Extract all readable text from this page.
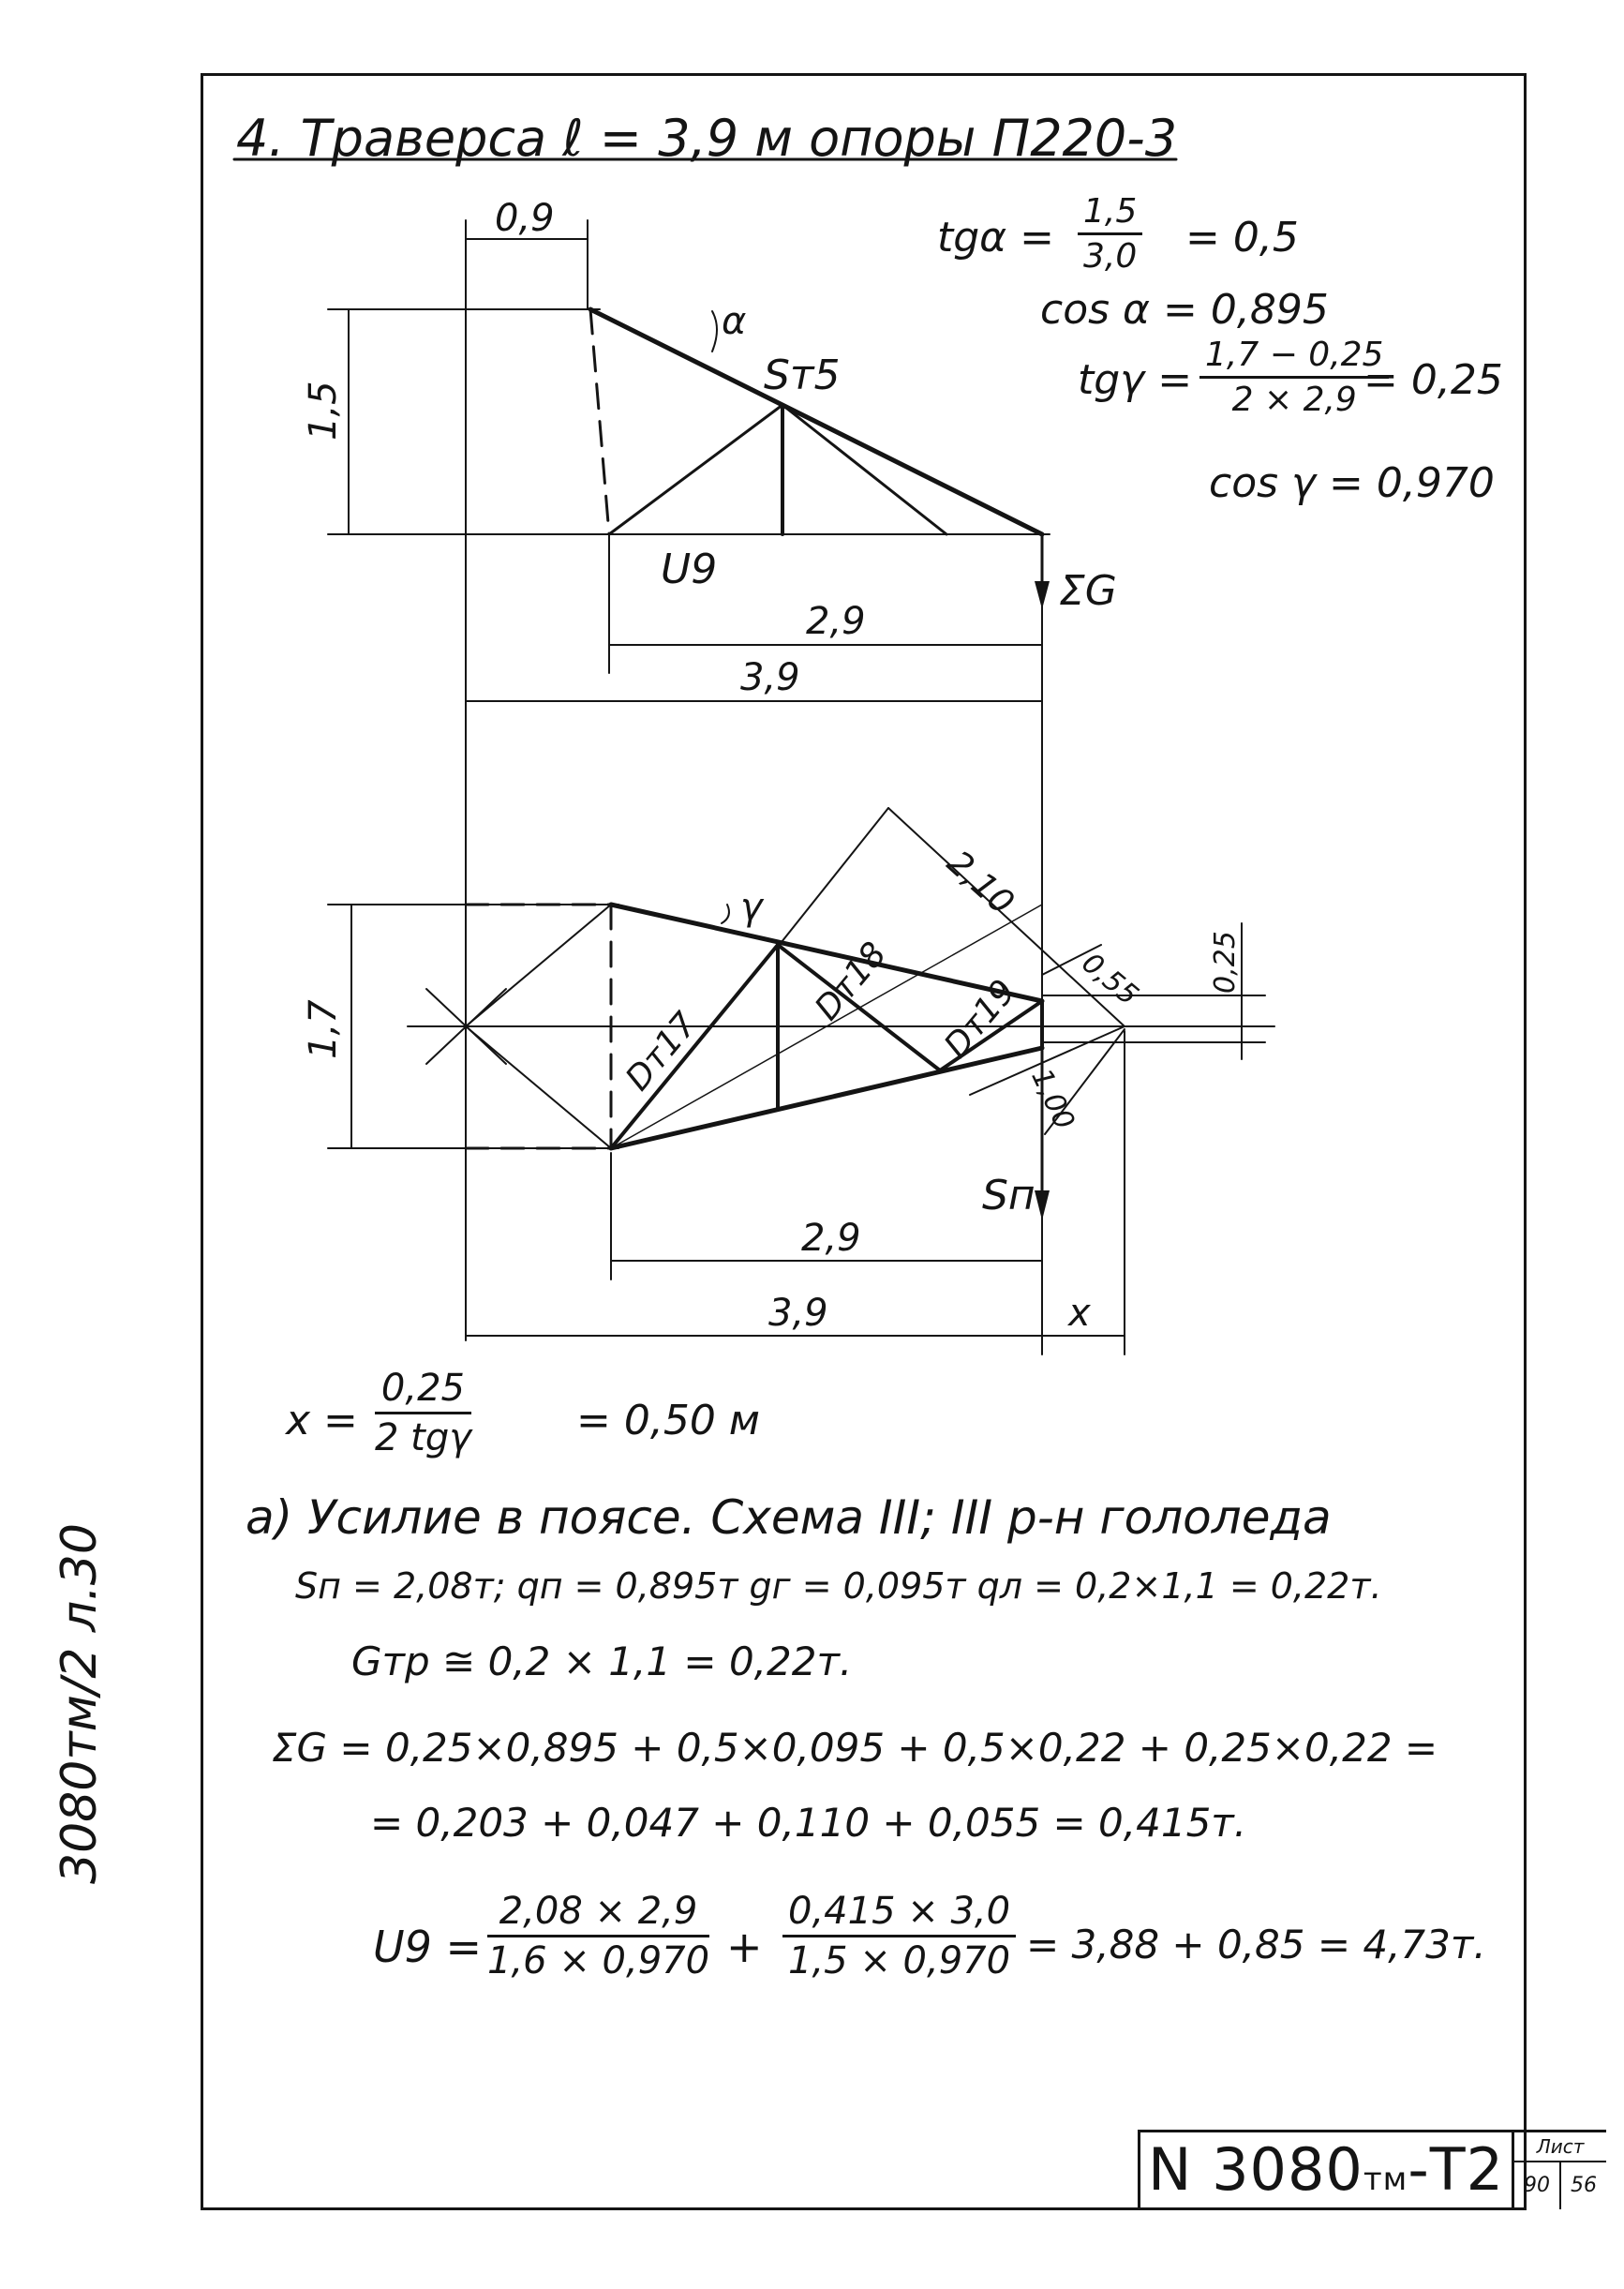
4. Траверса ℓ = 3,9 м опоры П220-3
3080тм/2 л.30
$tg\alpha = \frac{1,5}{3,0} = 0,5$
cos α = 0,895
$tg\gamma = \frac{1,7 - 0,25}{2 \times 2,9}$
= 0,25
cos γ = 0,970
0,9
1,5
α
Sт5
U9	ΣG
2,9
3,9
1,7
γ	2,10
0,55 0,25
1,00
Dт17
Dт18 Dт19
Sп
2,9
3,9	x
x =
0,25
2 tgγ	= 0,50 м
а) Усилие в поясе. Схема III; III р-н гололеда
Sп = 2,08т; qп = 0,895т gг = 0,095т qл = 0,2×1,1 = 0,22т.
Gтр ≅ 0,2 × 1,1 = 0,22т.
ΣG = 0,25×0,895 + 0,5×0,095 + 0,5×0,22 + 0,25×0,22 =
= 0,203 + 0,047 + 0,110 + 0,055 = 0,415т.
$U9 = \frac{2,08 \times 2,9}{1,6 \times 0,970} + \frac{0,415 \times 3,0}{1,5 \times 0,970} = 3,88 + 0,85 = 4,73т$.
N 3080тм-Т2	Лист
90	56
